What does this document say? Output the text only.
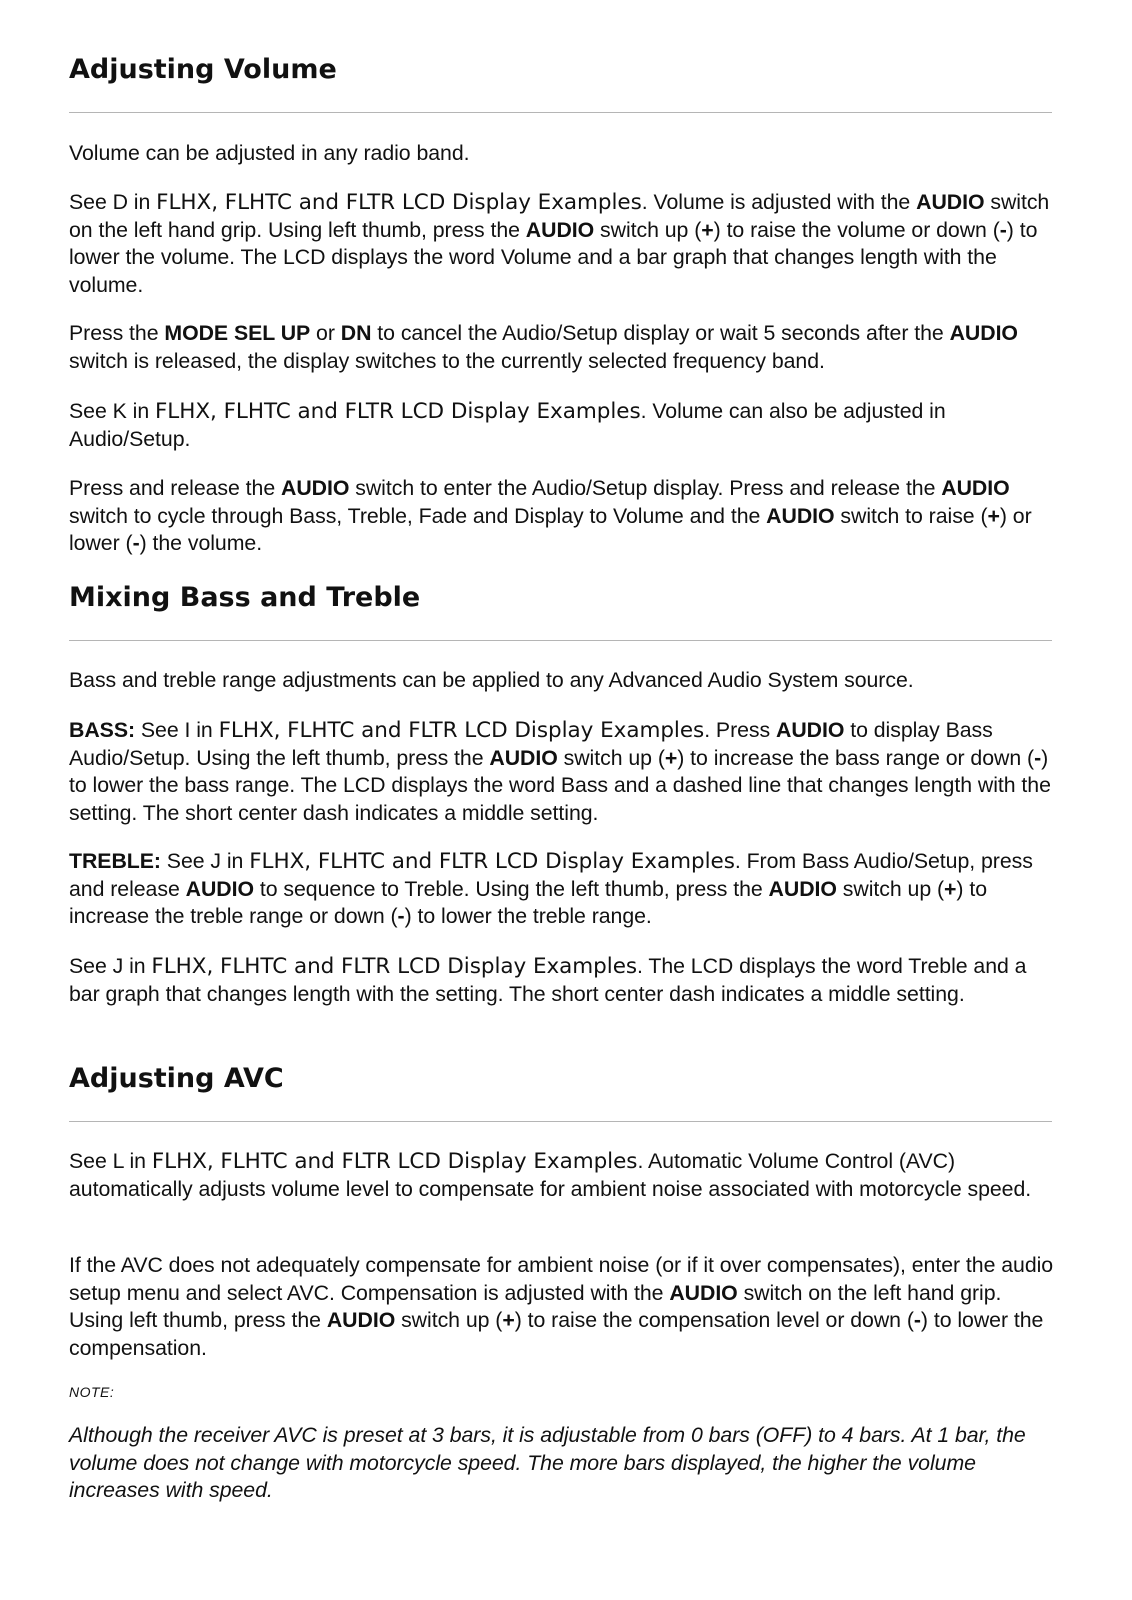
Adjusting Volume

Volume can be adjusted in any radio band.

See D in FLHX, FLHTC and FLTR LCD Display Examples. Volume is adjusted with the AUDIO switch on the left hand grip. Using left thumb, press the AUDIO switch up (+) to raise the volume or down (-) to lower the volume. The LCD displays the word Volume and a bar graph that changes length with the volume.

Press the MODE SEL UP or DN to cancel the Audio/Setup display or wait 5 seconds after the AUDIO switch is released, the display switches to the currently selected frequency band.

See K in FLHX, FLHTC and FLTR LCD Display Examples. Volume can also be adjusted in Audio/Setup.

Press and release the AUDIO switch to enter the Audio/Setup display. Press and release the AUDIO switch to cycle through Bass, Treble, Fade and Display to Volume and the AUDIO switch to raise (+) or lower (-) the volume.

Mixing Bass and Treble

Bass and treble range adjustments can be applied to any Advanced Audio System source.

BASS: See I in FLHX, FLHTC and FLTR LCD Display Examples. Press AUDIO to display Bass Audio/Setup. Using the left thumb, press the AUDIO switch up (+) to increase the bass range or down (-) to lower the bass range. The LCD displays the word Bass and a dashed line that changes length with the setting. The short center dash indicates a middle setting.

TREBLE: See J in FLHX, FLHTC and FLTR LCD Display Examples. From Bass Audio/Setup, press and release AUDIO to sequence to Treble. Using the left thumb, press the AUDIO switch up (+) to increase the treble range or down (-) to lower the treble range.

See J in FLHX, FLHTC and FLTR LCD Display Examples. The LCD displays the word Treble and a bar graph that changes length with the setting. The short center dash indicates a middle setting.

Adjusting AVC

See L in FLHX, FLHTC and FLTR LCD Display Examples. Automatic Volume Control (AVC) automatically adjusts volume level to compensate for ambient noise associated with motorcycle speed.

If the AVC does not adequately compensate for ambient noise (or if it over compensates), enter the audio setup menu and select AVC. Compensation is adjusted with the AUDIO switch on the left hand grip. Using left thumb, press the AUDIO switch up (+) to raise the compensation level or down (-) to lower the compensation.

NOTE:

Although the receiver AVC is preset at 3 bars, it is adjustable from 0 bars (OFF) to 4 bars. At 1 bar, the volume does not change with motorcycle speed. The more bars displayed, the higher the volume increases with speed.
